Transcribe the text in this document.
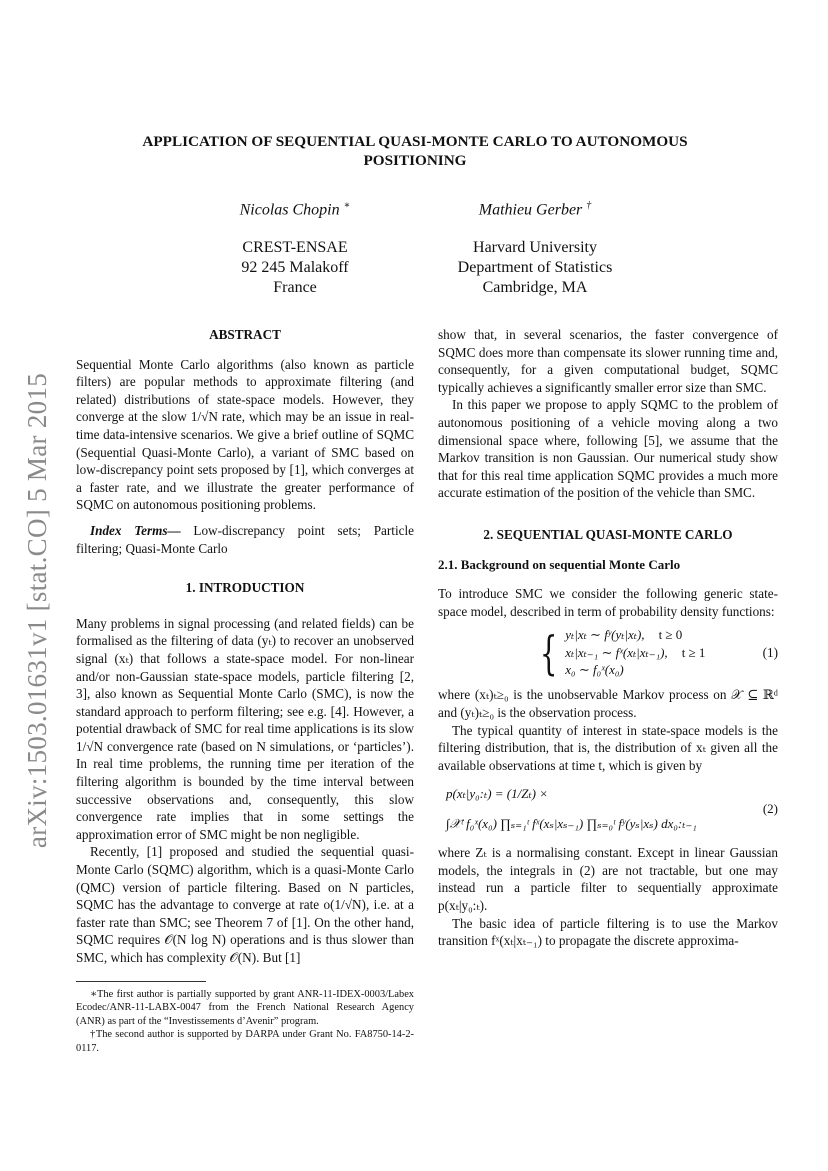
arXiv:1503.01631v1 [stat.CO] 5 Mar 2015
APPLICATION OF SEQUENTIAL QUASI-MONTE CARLO TO AUTONOMOUS
POSITIONING
Nicolas Chopin ∗
CREST-ENSAE
92 245 Malakoff
France
Mathieu Gerber †
Harvard University
Department of Statistics
Cambridge, MA
ABSTRACT

Sequential Monte Carlo algorithms (also known as particle filters) are popular methods to approximate filtering (and related) distributions of state-space models. However, they converge at the slow 1/√N rate, which may be an issue in real-time data-intensive scenarios. We give a brief outline of SQMC (Sequential Quasi-Monte Carlo), a variant of SMC based on low-discrepancy point sets proposed by [1], which converges at a faster rate, and we illustrate the greater performance of SQMC on autonomous positioning problems.

Index Terms— Low-discrepancy point sets; Particle filtering; Quasi-Monte Carlo

1. INTRODUCTION

Many problems in signal processing (and related fields) can be formalised as the filtering of data (yₜ) to recover an unobserved signal (xₜ) that follows a state-space model. For non-linear and/or non-Gaussian state-space models, particle filtering [2, 3], also known as Sequential Monte Carlo (SMC), is now the standard approach to perform filtering; see e.g. [4]. However, a potential drawback of SMC for real time applications is its slow 1/√N convergence rate (based on N simulations, or ‘particles’). In real time problems, the running time per iteration of the filtering algorithm is bounded by the time interval between successive observations and, consequently, this slow convergence rate implies that in some settings the approximation error of SMC might be non negligible.

Recently, [1] proposed and studied the sequential quasi-Monte Carlo (SQMC) algorithm, which is a quasi-Monte Carlo (QMC) version of particle filtering. Based on N particles, SQMC has the advantage to converge at rate o(1/√N), i.e. at a faster rate than SMC; see Theorem 7 of [1]. On the other hand, SQMC requires 𝒪(N log N) operations and is thus slower than SMC, which has complexity 𝒪(N). But [1]

∗The first author is partially supported by grant ANR-11-IDEX-0003/Labex Ecodec/ANR-11-LABX-0047 from the French National Research Agency (ANR) as part of the “Investissements d’Avenir” program.

†The second author is supported by DARPA under Grant No. FA8750-14-2-0117.

show that, in several scenarios, the faster convergence of SQMC does more than compensate its slower running time and, consequently, for a given computational budget, SQMC typically achieves a significantly smaller error size than SMC.

In this paper we propose to apply SQMC to the problem of autonomous positioning of a vehicle moving along a two dimensional space where, following [5], we assume that the Markov transition is non Gaussian. Our numerical study show that for this real time application SQMC provides a much more accurate estimation of the position of the vehicle than SMC.

2. SEQUENTIAL QUASI-MONTE CARLO
2.1. Background on sequential Monte Carlo

To introduce SMC we consider the following generic state-space model, described in term of probability density functions:

{ yₜ|xₜ ∼ fʸ(yₜ|xₜ), t ≥ 0
xₜ|xₜ₋₁ ∼ fˣ(xₜ|xₜ₋₁), t ≥ 1
x₀ ∼ f₀ˣ(x₀)
(1)

where (xₜ)ₜ≥₀ is the unobservable Markov process on 𝒳 ⊆ ℝᵈ and (yₜ)ₜ≥₀ is the observation process.

The typical quantity of interest in state-space models is the filtering distribution, that is, the distribution of xₜ given all the available observations at time t, which is given by

p(xₜ|y₀:ₜ) = (1/Zₜ) ×
∫𝒳ᵗ f₀ˣ(x₀) ∏ₛ₌₁ᵗ fˣ(xₛ|xₛ₋₁) ∏ₛ₌₀ᵗ fʸ(yₛ|xₛ) dx₀:ₜ₋₁
(2)

where Zₜ is a normalising constant. Except in linear Gaussian models, the integrals in (2) are not tractable, but one may instead run a particle filter to sequentially approximate p(xₜ|y₀:ₜ).

The basic idea of particle filtering is to use the Markov transition fˣ(xₜ|xₜ₋₁) to propagate the discrete approxima-
